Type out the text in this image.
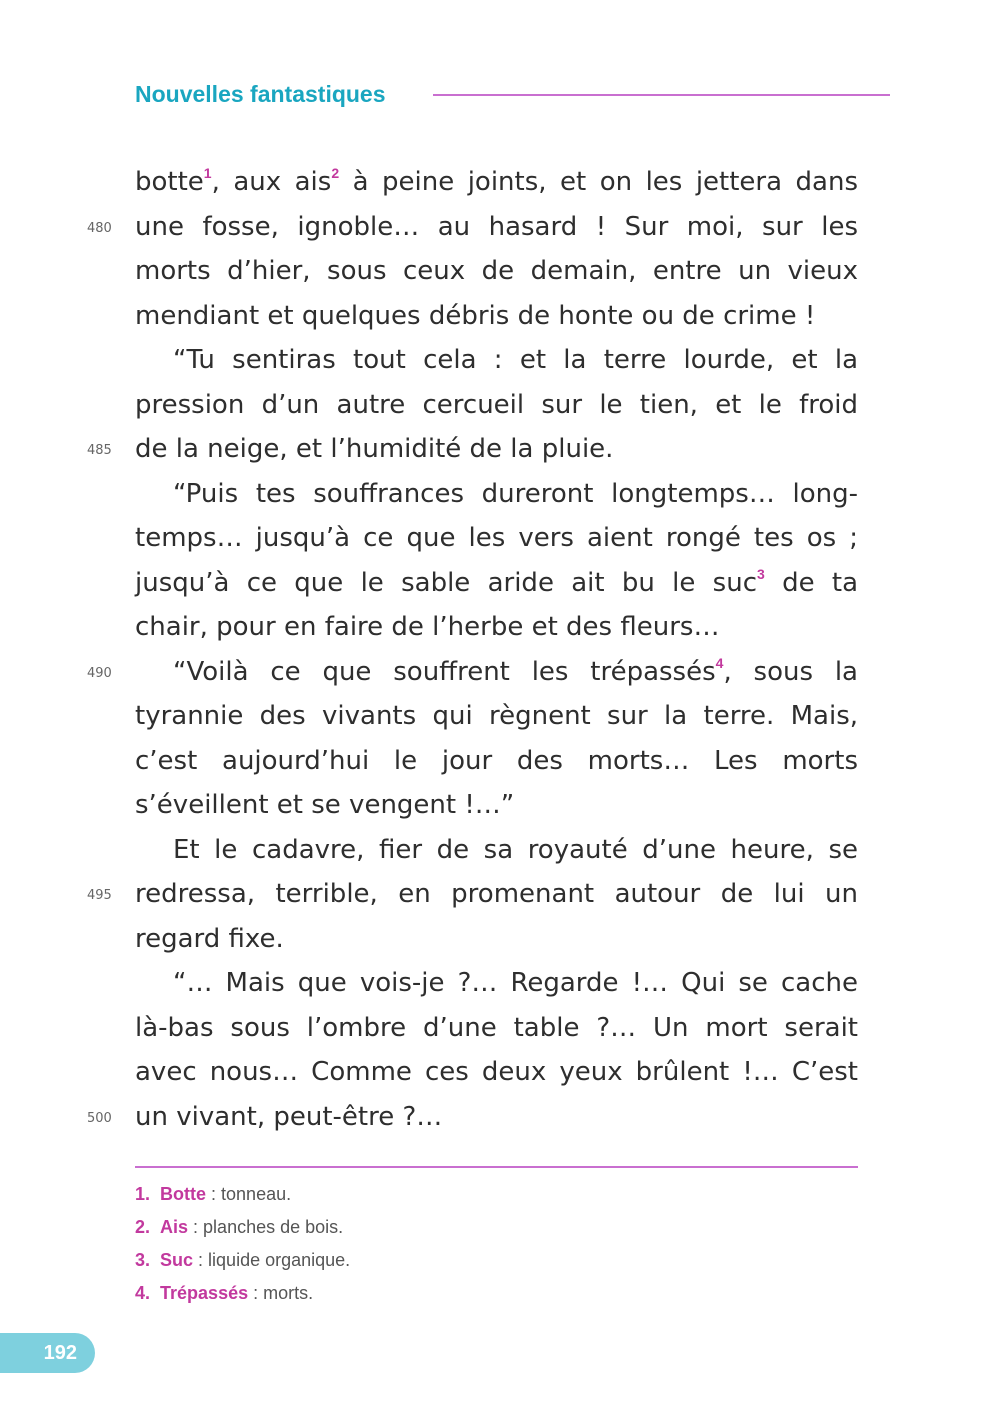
Nouvelles fantastiques
botte$^1$, aux ais$^2$ à peine joints, et on les jettera dans
480 une fosse, ignoble… au hasard ! Sur moi, sur les
morts d’hier, sous ceux de demain, entre un vieux
mendiant et quelques débris de honte ou de crime !
“Tu sentiras tout cela : et la terre lourde, et la
pression d’un autre cercueil sur le tien, et le froid
485 de la neige, et l’humidité de la pluie.
“Puis tes souffrances dureront longtemps… long-
temps… jusqu’à ce que les vers aient rongé tes os ;
jusqu’à ce que le sable aride ait bu le suc$^3$ de ta
chair, pour en faire de l’herbe et des fleurs…
490 “Voilà ce que souffrent les trépassés$^4$, sous la
tyrannie des vivants qui règnent sur la terre. Mais,
c’est aujourd’hui le jour des morts… Les morts
s’éveillent et se vengent !…”
Et le cadavre, fier de sa royauté d’une heure, se
495 redressa, terrible, en promenant autour de lui un
regard fixe.
“… Mais que vois-je ?… Regarde !… Qui se cache
là-bas sous l’ombre d’une table ?… Un mort serait
avec nous… Comme ces deux yeux brûlent !… C’est
500 un vivant, peut-être ?…
1. Botte : tonneau.
2. Ais : planches de bois.
3. Suc : liquide organique.
4. Trépassés : morts.
192
